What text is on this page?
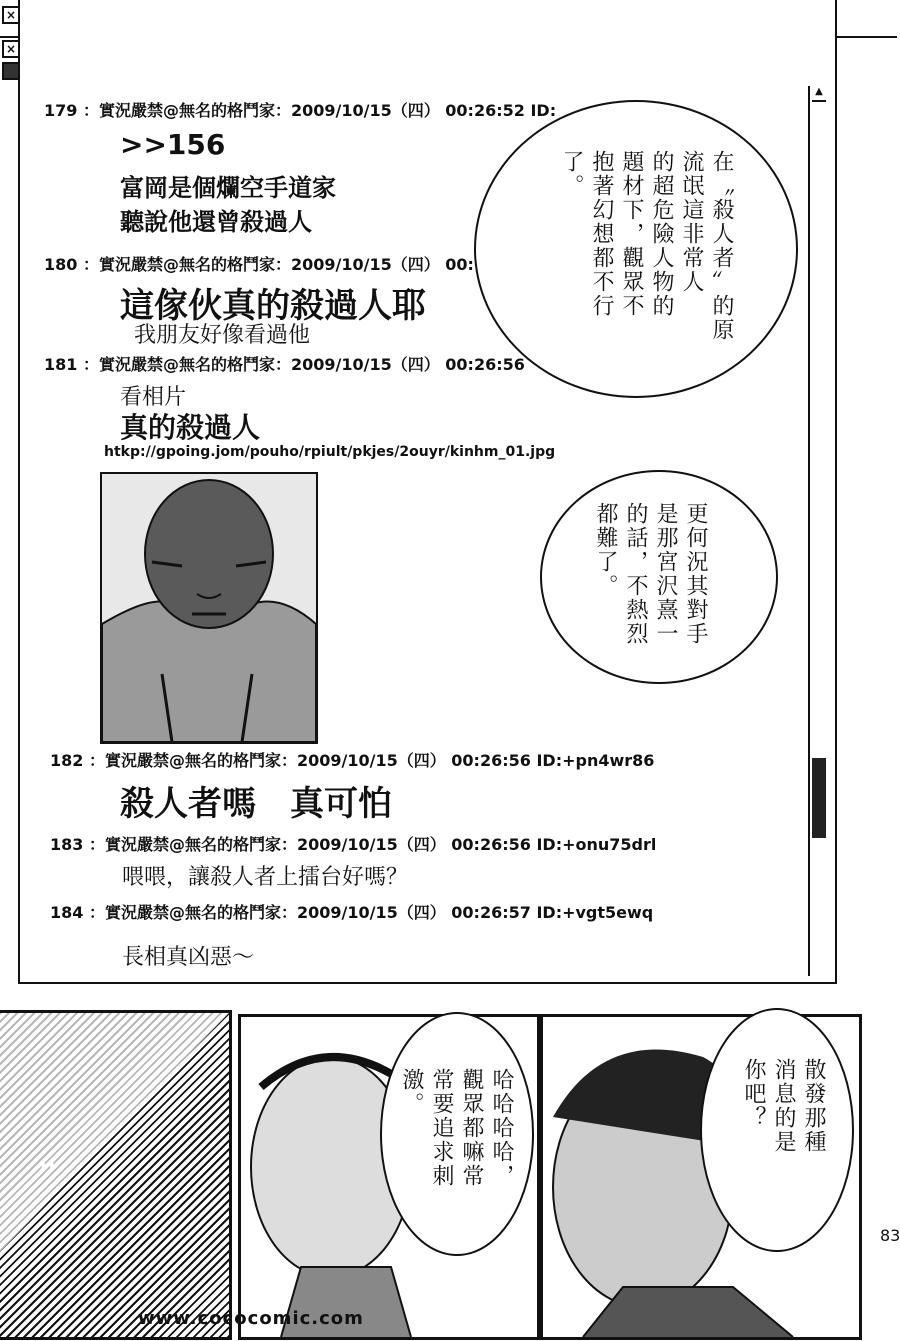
×
×
▲
179 ：實況嚴禁@無名的格鬥家：2009/10/15（四） 00:26:52 ID:
>>156
富岡是個爛空手道家
聽說他還曾殺過人
180 ：實況嚴禁@無名的格鬥家：2009/10/15（四） 00:
這傢伙真的殺過人耶
我朋友好像看過他
181 ：實況嚴禁@無名的格鬥家：2009/10/15（四） 00:26:56
看相片
真的殺過人
htkp://gpoing.jom/pouho/rpiult/pkjes/2ouyr/kinhm_01.jpg
182 ：實況嚴禁@無名的格鬥家：2009/10/15（四） 00:26:56 ID:+pn4wr86
殺人者嗎　真可怕
183 ：實況嚴禁@無名的格鬥家：2009/10/15（四） 00:26:56 ID:+onu75drl
喂喂，讓殺人者上擂台好嗎？
184 ：實況嚴禁@無名的格鬥家：2009/10/15（四） 00:26:57 ID:+vgt5ewq
長相真凶惡～
在〝殺人者〟的原
流氓這非常人
的超危險人物的
題材下，觀眾不
抱著幻想都不行
了。
更何況其對手
是那宮沢熹一
的話，不熱烈
都難了。
''	哈哈哈哈，
觀眾都嘛常
常要追求刺
激。	散發那種
消息的是
你吧？
83
www.cococomic.com
